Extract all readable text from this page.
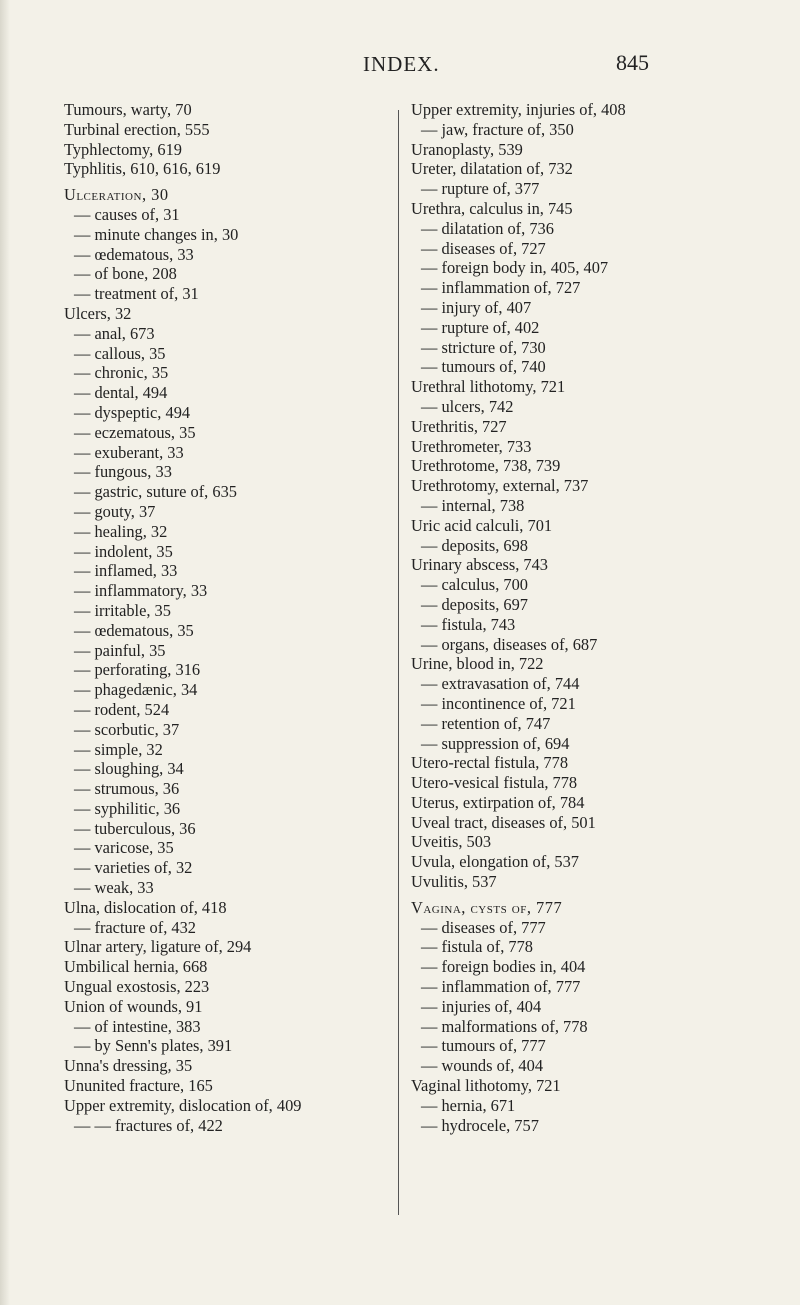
INDEX.	845
Tumours, warty, 70
Turbinal erection, 555
Typhlectomy, 619
Typhlitis, 610, 616, 619
Ulceration, 30
— causes of, 31
— minute changes in, 30
— œdematous, 33
— of bone, 208
— treatment of, 31
Ulcers, 32
— anal, 673
— callous, 35
— chronic, 35
— dental, 494
— dyspeptic, 494
— eczematous, 35
— exuberant, 33
— fungous, 33
— gastric, suture of, 635
— gouty, 37
— healing, 32
— indolent, 35
— inflamed, 33
— inflammatory, 33
— irritable, 35
— œdematous, 35
— painful, 35
— perforating, 316
— phagedænic, 34
— rodent, 524
— scorbutic, 37
— simple, 32
— sloughing, 34
— strumous, 36
— syphilitic, 36
— tuberculous, 36
— varicose, 35
— varieties of, 32
— weak, 33
Ulna, dislocation of, 418
— fracture of, 432
Ulnar artery, ligature of, 294
Umbilical hernia, 668
Ungual exostosis, 223
Union of wounds, 91
— of intestine, 383
— by Senn's plates, 391
Unna's dressing, 35
Ununited fracture, 165
Upper extremity, dislocation of, 409
— — fractures of, 422
Upper extremity, injuries of, 408
— jaw, fracture of, 350
Uranoplasty, 539
Ureter, dilatation of, 732
— rupture of, 377
Urethra, calculus in, 745
— dilatation of, 736
— diseases of, 727
— foreign body in, 405, 407
— inflammation of, 727
— injury of, 407
— rupture of, 402
— stricture of, 730
— tumours of, 740
Urethral lithotomy, 721
— ulcers, 742
Urethritis, 727
Urethrometer, 733
Urethrotome, 738, 739
Urethrotomy, external, 737
— internal, 738
Uric acid calculi, 701
— deposits, 698
Urinary abscess, 743
— calculus, 700
— deposits, 697
— fistula, 743
— organs, diseases of, 687
Urine, blood in, 722
— extravasation of, 744
— incontinence of, 721
— retention of, 747
— suppression of, 694
Utero-rectal fistula, 778
Utero-vesical fistula, 778
Uterus, extirpation of, 784
Uveal tract, diseases of, 501
Uveitis, 503
Uvula, elongation of, 537
Uvulitis, 537
Vagina, cysts of, 777
— diseases of, 777
— fistula of, 778
— foreign bodies in, 404
— inflammation of, 777
— injuries of, 404
— malformations of, 778
— tumours of, 777
— wounds of, 404
Vaginal lithotomy, 721
— hernia, 671
— hydrocele, 757
